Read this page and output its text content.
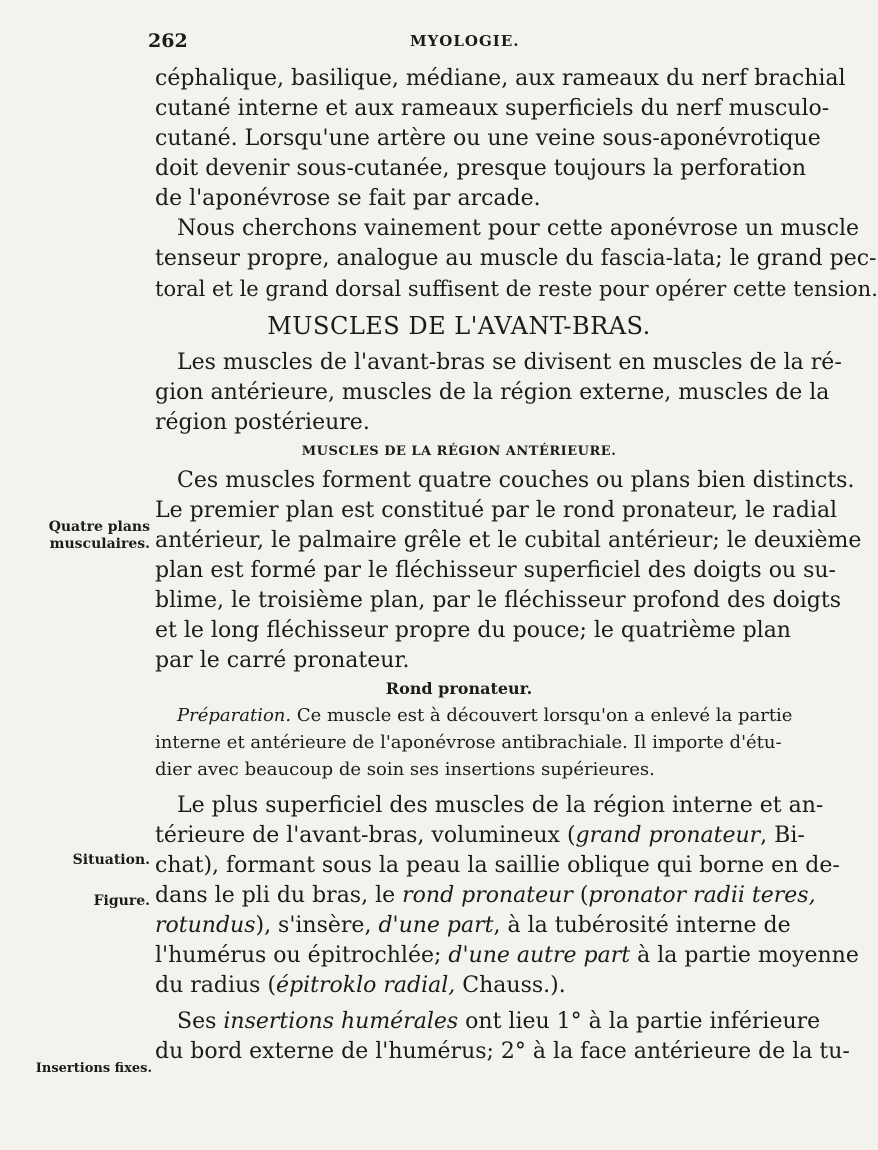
262	MYOLOGIE.
Quatre plans
musculaires.
Situation.
Figure.
Insertions fixes.
céphalique, basilique, médiane, aux rameaux du nerf brachial
cutané interne et aux rameaux superficiels du nerf musculo-
cutané. Lorsqu'une artère ou une veine sous-aponévrotique
doit devenir sous-cutanée, presque toujours la perforation
de l'aponévrose se fait par arcade.
Nous cherchons vainement pour cette aponévrose un muscle
tenseur propre, analogue au muscle du fascia-lata; le grand pec-
toral et le grand dorsal suffisent de reste pour opérer cette tension.
MUSCLES DE L'AVANT-BRAS.
Les muscles de l'avant-bras se divisent en muscles de la ré-
gion antérieure, muscles de la région externe, muscles de la
région postérieure.
MUSCLES DE LA RÉGION ANTÉRIEURE.
Ces muscles forment quatre couches ou plans bien distincts.
Le premier plan est constitué par le rond pronateur, le radial
antérieur, le palmaire grêle et le cubital antérieur; le deuxième
plan est formé par le fléchisseur superficiel des doigts ou su-
blime, le troisième plan, par le fléchisseur profond des doigts
et le long fléchisseur propre du pouce; le quatrième plan
par le carré pronateur.
Rond pronateur.
Préparation. Ce muscle est à découvert lorsqu'on a enlevé la partie
interne et antérieure de l'aponévrose antibrachiale. Il importe d'étu-
dier avec beaucoup de soin ses insertions supérieures.
Le plus superficiel des muscles de la région interne et an-
térieure de l'avant-bras, volumineux (grand pronateur, Bi-
chat), formant sous la peau la saillie oblique qui borne en de-
dans le pli du bras, le rond pronateur (pronator radii teres,
rotundus), s'insère, d'une part, à la tubérosité interne de
l'humérus ou épitrochlée; d'une autre part à la partie moyenne
du radius (épitroklo radial, Chauss.).
Ses insertions humérales ont lieu 1° à la partie inférieure
du bord externe de l'humérus; 2° à la face antérieure de la tu-
